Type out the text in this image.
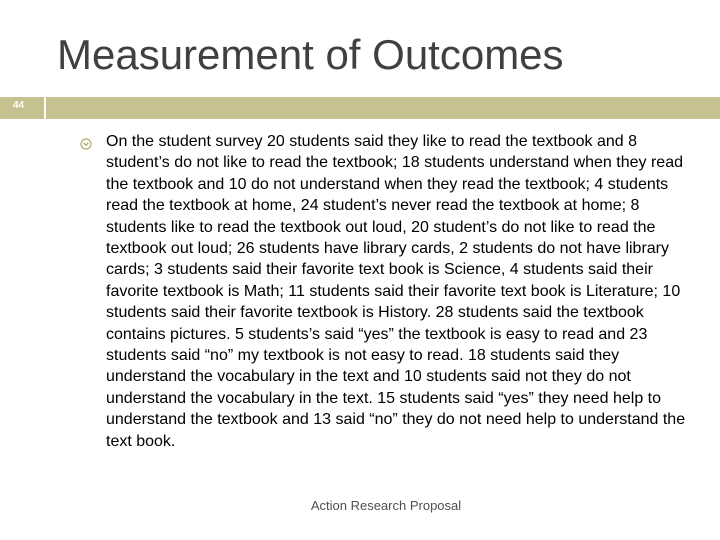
Measurement of Outcomes
44

On the student survey 20 students said they like to read the textbook and 8 student’s do not like to read the textbook; 18 students understand when they read the textbook and 10 do not understand when they read the textbook; 4 students read the textbook at home, 24 student’s never read the textbook at home; 8 students like to read the textbook out loud, 20 student’s do not like to read the textbook out loud; 26 students have library cards, 2 students do not have library cards; 3 students said their favorite text book is Science, 4 students said their favorite textbook is Math; 11 students said their favorite text book is Literature; 10 students said their favorite textbook is History. 28 students said the textbook contains pictures. 5 students’s said “yes” the textbook is easy to read and 23 students said “no” my textbook is not easy to read. 18 students said they understand the vocabulary in the text and 10 students said not they do not understand the vocabulary in the text. 15 students said “yes” they need help to understand the textbook and 13 said “no” they do not need help to understand the text book.

Action Research Proposal
